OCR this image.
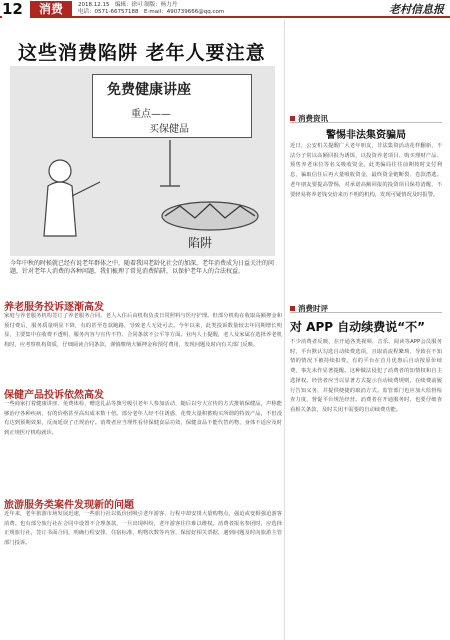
12	消费	2018.12.15　 编辑：徐可 制版：杨力丹
电话：0571-66757188　E-mail：490739666@qq.com	老村信息报
这些消费陷阱 老年人要注意
免费健康讲座
重点——
买保健品
陷阱
今年中秋的时候就已经有说老年群体之中，随着我国老龄化社会的加深，老年消费成为日益关注的问题，针对老年人消费的各种问题，我们梳理了常见消费陷阱，以保护老年人的合法权益。
养老服务投诉逐渐高发
家庭与养老服务机构签订了养老服务合同，老人入住后由机构负责日常照料与医疗护理。但部分机构在收取高额押金和预付费后，服务质量明显下降，有的甚至卷款跑路，导致老人无处可去。今年以来，此类投诉数量较去年同期增长明显，主要集中在收费不透明、服务内容与宣传不符、合同条款不公平等方面。业内人士提醒，老人及家属在选择养老机构时，应考察机构资质，仔细阅读合同条款，谨慎缴纳大额押金和预付费用，发现问题及时向有关部门反映。
保健产品投诉依然高发
一些商家打着健康讲座、免费体检、赠送礼品等旗号吸引老年人参加活动，随后以夸大宣传的方式推销保健品，声称能够治疗各种疾病，有的价格甚至高出成本数十倍。部分老年人经不住诱惑，花费大量积蓄购买所谓的特效产品，不但没有达到预期效果，反而延误了正规治疗。消费者应当理性看待保健食品功效，保健食品不能代替药物，身体不适应及时到正规医疗机构就诊。
旅游服务类案件发现新的问题
近年来，老年旅游市场发展迅速，一些旅行社以低价团吸引老年游客，行程中却安排大量购物点，强迫或变相强迫游客消费。也有部分旅行社在合同中设置不合理条款，一旦出现纠纷，老年游客往往难以维权。消费者报名参团时，应选择正规旅行社，签订书面合同，明确行程安排、住宿标准、购物次数等内容，保留好相关票据，遇到问题及时向旅游主管部门投诉。
消费资讯
警惕非法集资骗局
近日，公安机关提醒广大老年朋友，非法集资活动花样翻新，不法分子常以高额回报为诱饵，以投资养老项目、购买理财产品、预售养老床位等名义吸收资金。此类骗局往往前期按时支付利息，骗取信任后再大量吸收资金，最终资金链断裂、卷款潜逃。老年朋友要提高警惕，对承诺高额回报的投资项目保持清醒，不要轻易将养老钱交给来历不明的机构，发现可疑情况及时报警。
消费时评
对 APP 自动续费说“不”
不少消费者反映，在开通各类视频、音乐、阅读等APP会员服务时，平台默认勾选自动续费选项，且取消流程繁琐，导致在不知情的情况下被持续扣费。有的平台在首月优惠后自动按原价续费，事先未作显著提醒。这种做法侵犯了消费者的知情权和自主选择权。经营者应当以显著方式提示自动续费规则，在续费前履行告知义务，并提供便捷的取消方式。监管部门也应加大监督检查力度，督促平台规范经营。消费者在开通服务时，也要仔细查看相关条款，及时关闭不需要的自动续费功能。
